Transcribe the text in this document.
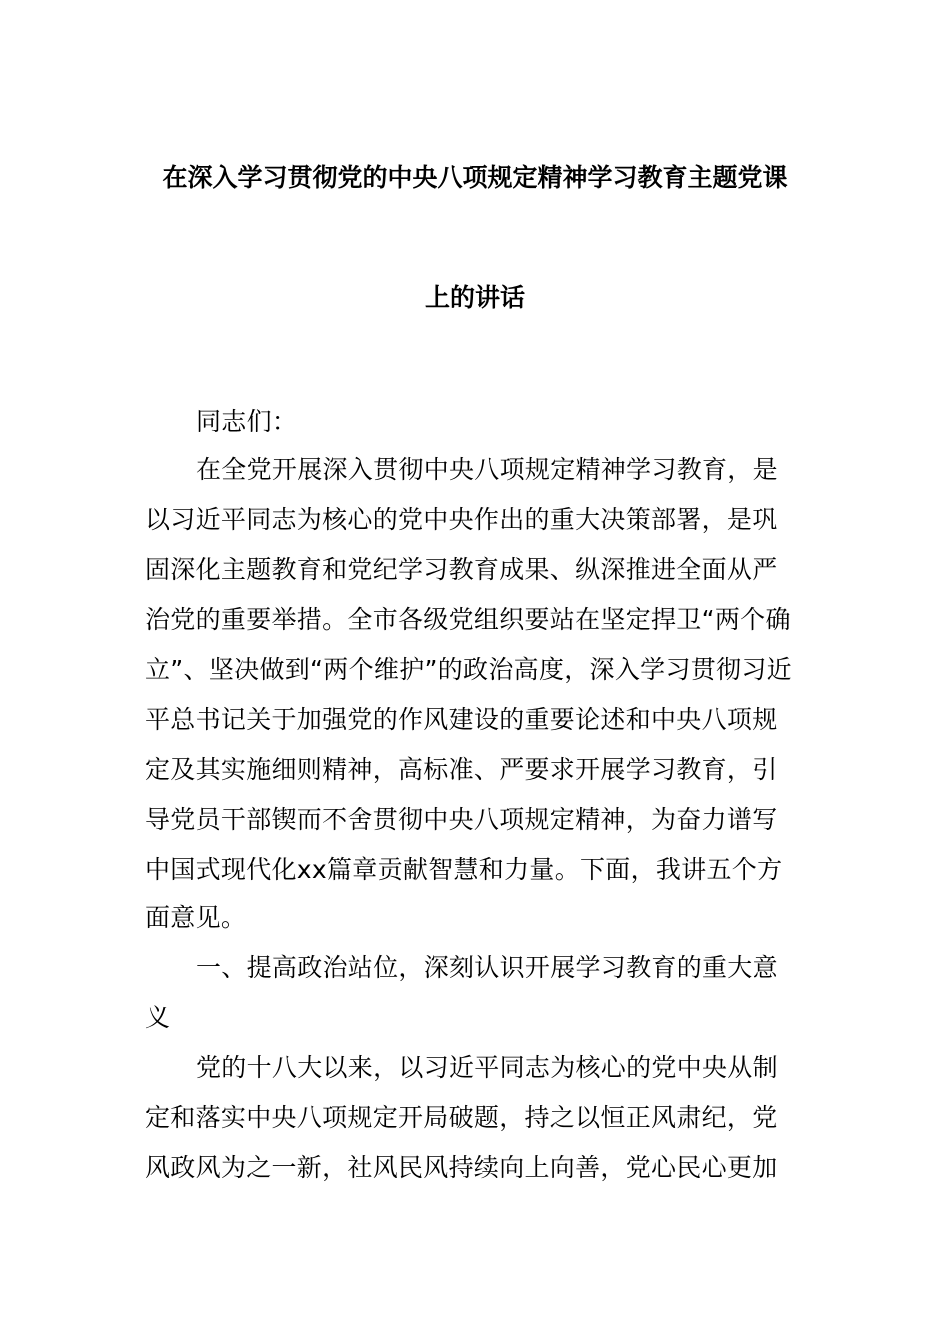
在深入学习贯彻党的中央八项规定精神学习教育主题党课
上的讲话
同志们：
在全党开展深入贯彻中央八项规定精神学习教育，是
以习近平同志为核心的党中央作出的重大决策部署，是巩
固深化主题教育和党纪学习教育成果、纵深推进全面从严
治党的重要举措。全市各级党组织要站在坚定捍卫“两个确
立”、坚决做到“两个维护”的政治高度，深入学习贯彻习近
平总书记关于加强党的作风建设的重要论述和中央八项规
定及其实施细则精神，高标准、严要求开展学习教育，引
导党员干部锲而不舍贯彻中央八项规定精神，为奋力谱写
中国式现代化xx篇章贡献智慧和力量。下面，我讲五个方
面意见。
一、提高政治站位，深刻认识开展学习教育的重大意
义
党的十八大以来，以习近平同志为核心的党中央从制
定和落实中央八项规定开局破题，持之以恒正风肃纪，党
风政风为之一新，社风民风持续向上向善，党心民心更加
